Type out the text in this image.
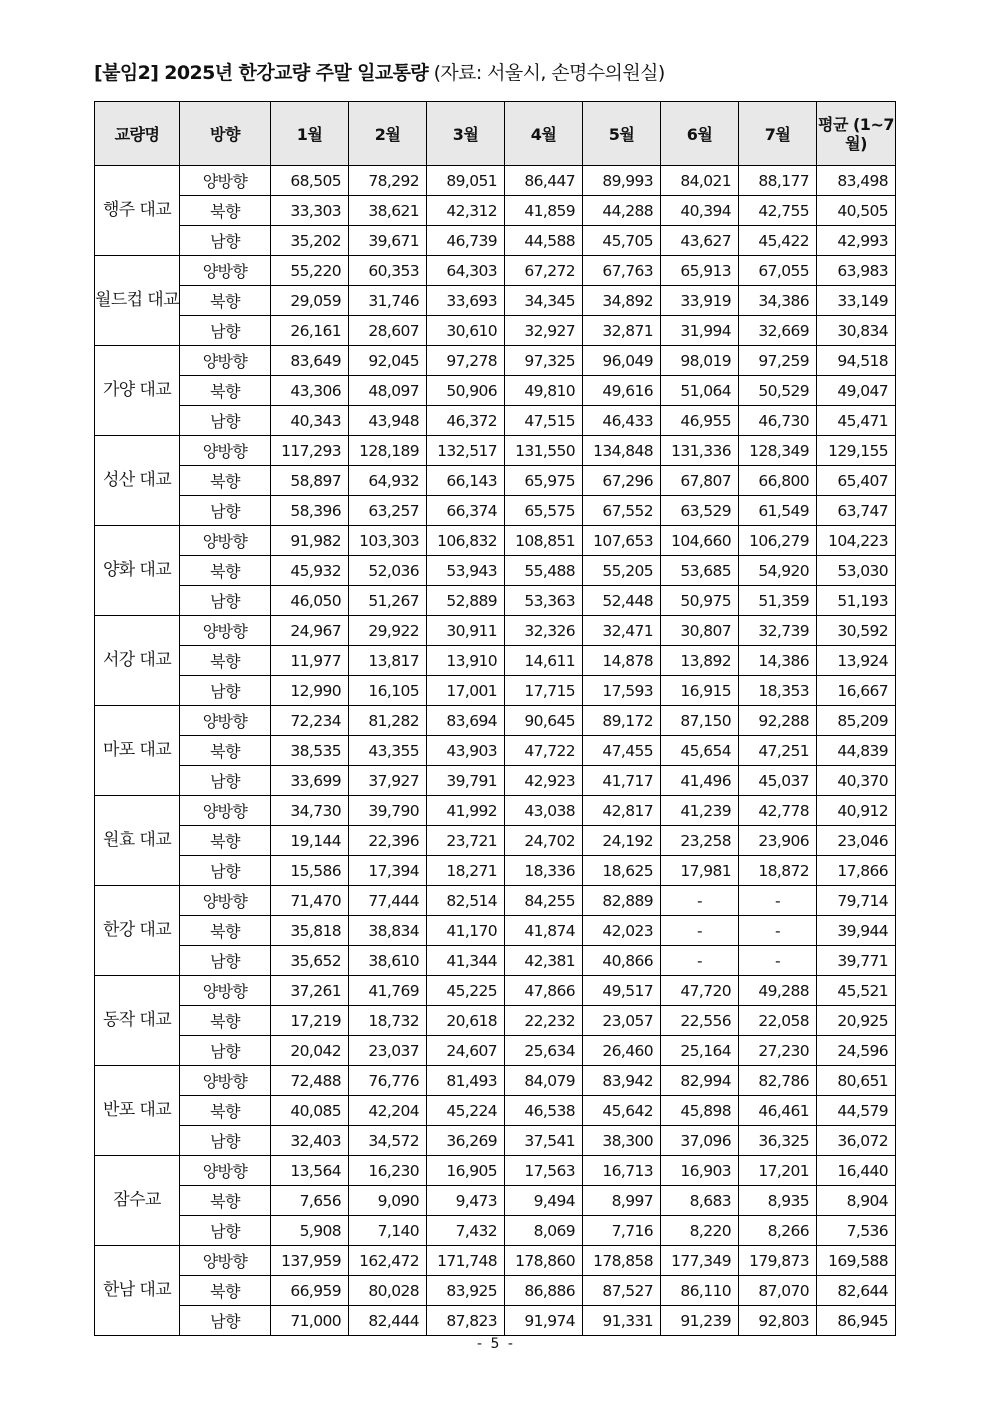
[붙임2] 2025년 한강교량 주말 일교통량 (자료: 서울시, 손명수의원실)
교량명	방향	1월	2월	3월	4월	5월	6월	7월	평균 (1~7월)
행주 대교	양방향	68,505	78,292	89,051	86,447	89,993	84,021	88,177	83,498
	북향	33,303	38,621	42,312	41,859	44,288	40,394	42,755	40,505
	남향	35,202	39,671	46,739	44,588	45,705	43,627	45,422	42,993
월드컵 대교	양방향	55,220	60,353	64,303	67,272	67,763	65,913	67,055	63,983
	북향	29,059	31,746	33,693	34,345	34,892	33,919	34,386	33,149
	남향	26,161	28,607	30,610	32,927	32,871	31,994	32,669	30,834
가양 대교	양방향	83,649	92,045	97,278	97,325	96,049	98,019	97,259	94,518
	북향	43,306	48,097	50,906	49,810	49,616	51,064	50,529	49,047
	남향	40,343	43,948	46,372	47,515	46,433	46,955	46,730	45,471
성산 대교	양방향	117,293	128,189	132,517	131,550	134,848	131,336	128,349	129,155
	북향	58,897	64,932	66,143	65,975	67,296	67,807	66,800	65,407
	남향	58,396	63,257	66,374	65,575	67,552	63,529	61,549	63,747
양화 대교	양방향	91,982	103,303	106,832	108,851	107,653	104,660	106,279	104,223
	북향	45,932	52,036	53,943	55,488	55,205	53,685	54,920	53,030
	남향	46,050	51,267	52,889	53,363	52,448	50,975	51,359	51,193
서강 대교	양방향	24,967	29,922	30,911	32,326	32,471	30,807	32,739	30,592
	북향	11,977	13,817	13,910	14,611	14,878	13,892	14,386	13,924
	남향	12,990	16,105	17,001	17,715	17,593	16,915	18,353	16,667
마포 대교	양방향	72,234	81,282	83,694	90,645	89,172	87,150	92,288	85,209
	북향	38,535	43,355	43,903	47,722	47,455	45,654	47,251	44,839
	남향	33,699	37,927	39,791	42,923	41,717	41,496	45,037	40,370
원효 대교	양방향	34,730	39,790	41,992	43,038	42,817	41,239	42,778	40,912
	북향	19,144	22,396	23,721	24,702	24,192	23,258	23,906	23,046
	남향	15,586	17,394	18,271	18,336	18,625	17,981	18,872	17,866
한강 대교	양방향	71,470	77,444	82,514	84,255	82,889	-	-	79,714
	북향	35,818	38,834	41,170	41,874	42,023	-	-	39,944
	남향	35,652	38,610	41,344	42,381	40,866	-	-	39,771
동작 대교	양방향	37,261	41,769	45,225	47,866	49,517	47,720	49,288	45,521
	북향	17,219	18,732	20,618	22,232	23,057	22,556	22,058	20,925
	남향	20,042	23,037	24,607	25,634	26,460	25,164	27,230	24,596
반포 대교	양방향	72,488	76,776	81,493	84,079	83,942	82,994	82,786	80,651
	북향	40,085	42,204	45,224	46,538	45,642	45,898	46,461	44,579
	남향	32,403	34,572	36,269	37,541	38,300	37,096	36,325	36,072
잠수교	양방향	13,564	16,230	16,905	17,563	16,713	16,903	17,201	16,440
	북향	7,656	9,090	9,473	9,494	8,997	8,683	8,935	8,904
	남향	5,908	7,140	7,432	8,069	7,716	8,220	8,266	7,536
한남 대교	양방향	137,959	162,472	171,748	178,860	178,858	177,349	179,873	169,588
	북향	66,959	80,028	83,925	86,886	87,527	86,110	87,070	82,644
	남향	71,000	82,444	87,823	91,974	91,331	91,239	92,803	86,945
- 5 -
